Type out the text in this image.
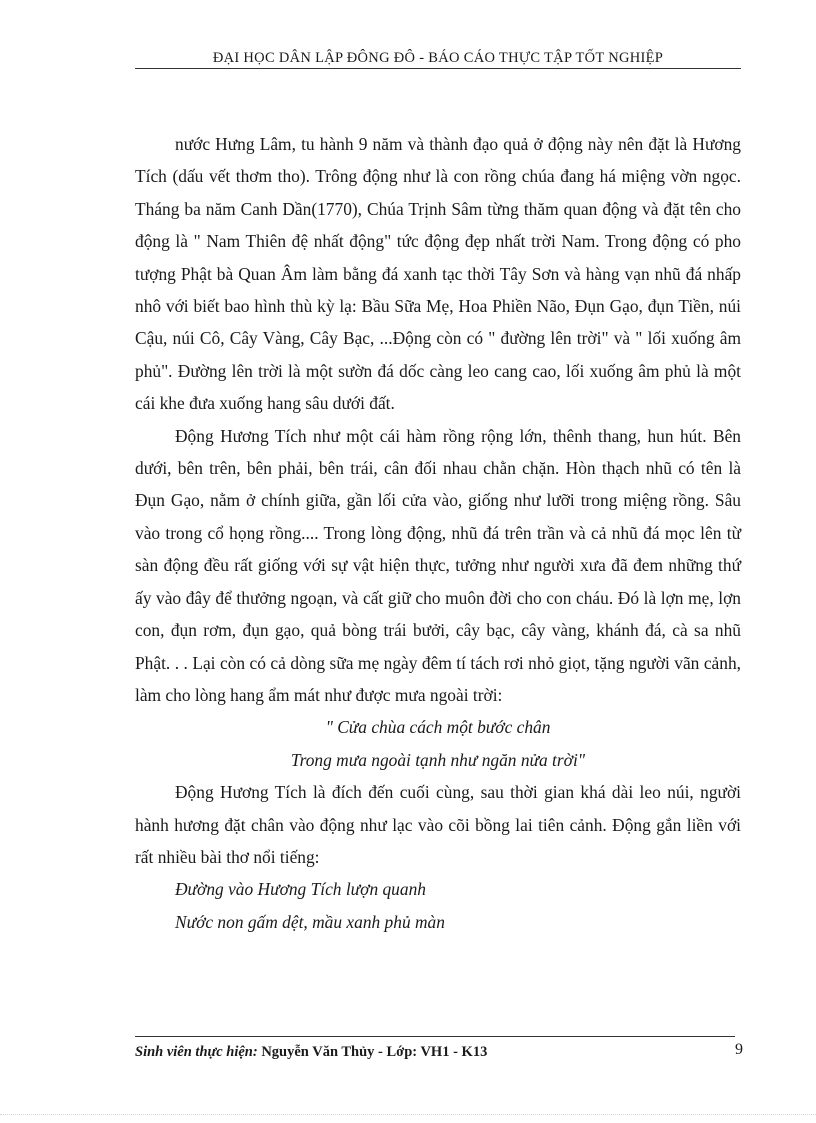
ĐẠI HỌC DÂN LẬP ĐÔNG ĐÔ - BÁO CÁO THỰC TẬP TỐT NGHIỆP

nước Hưng Lâm, tu hành 9 năm và thành đạo quả ở động này nên đặt là Hương Tích (dấu vết thơm tho). Trông động như là con rồng chúa đang há miệng vờn ngọc. Tháng ba năm Canh Dần(1770), Chúa Trịnh Sâm từng thăm quan động và đặt tên cho động là " Nam Thiên đệ nhất động" tức động đẹp nhất trời Nam. Trong động có pho tượng Phật bà Quan Âm làm bằng đá xanh tạc thời Tây Sơn và hàng vạn nhũ đá nhấp nhô với biết bao hình thù kỳ lạ: Bầu Sữa Mẹ, Hoa Phiền Não, Đụn Gạo, đụn Tiền, núi Cậu, núi Cô, Cây Vàng, Cây Bạc, ...Động còn có " đường lên trời" và " lối xuống âm phủ". Đường lên trời là một sườn đá dốc càng leo cang cao, lối xuống âm phủ là một cái khe đưa xuống hang sâu dưới đất.

Động Hương Tích như một cái hàm rồng rộng lớn, thênh thang, hun hút. Bên dưới, bên trên, bên phải, bên trái, cân đối nhau chằn chặn. Hòn thạch nhũ có tên là Đụn Gạo, nằm ở chính giữa, gần lối cửa vào, giống như lưỡi trong miệng rồng. Sâu vào trong cổ họng rồng.... Trong lòng động, nhũ đá trên trần và cả nhũ đá mọc lên từ sàn động đều rất giống với sự vật hiện thực, tưởng như người xưa đã đem những thứ ấy vào đây để thưởng ngoạn, và cất giữ cho muôn đời cho con cháu. Đó là lợn mẹ, lợn con, đụn rơm, đụn gạo, quả bòng trái bưởi, cây bạc, cây vàng, khánh đá, cà sa nhũ Phật. . . Lại còn có cả dòng sữa mẹ ngày đêm tí tách rơi nhỏ giọt, tặng người vãn cảnh, làm cho lòng hang ẩm mát như được mưa ngoài trời:

" Cửa chùa cách một bước chân

Trong mưa ngoài tạnh như ngăn nửa trời"

Động Hương Tích là đích đến cuối cùng, sau thời gian khá dài leo núi, người hành hương đặt chân vào động như lạc vào cõi bồng lai tiên cảnh. Động gắn liền với rất nhiều bài thơ nổi tiếng:

Đường vào Hương Tích lượn quanh

Nước non gấm dệt, mầu xanh phủ màn

Sinh viên thực hiện: Nguyễn Văn Thủy - Lớp: VH1 - K13	9
